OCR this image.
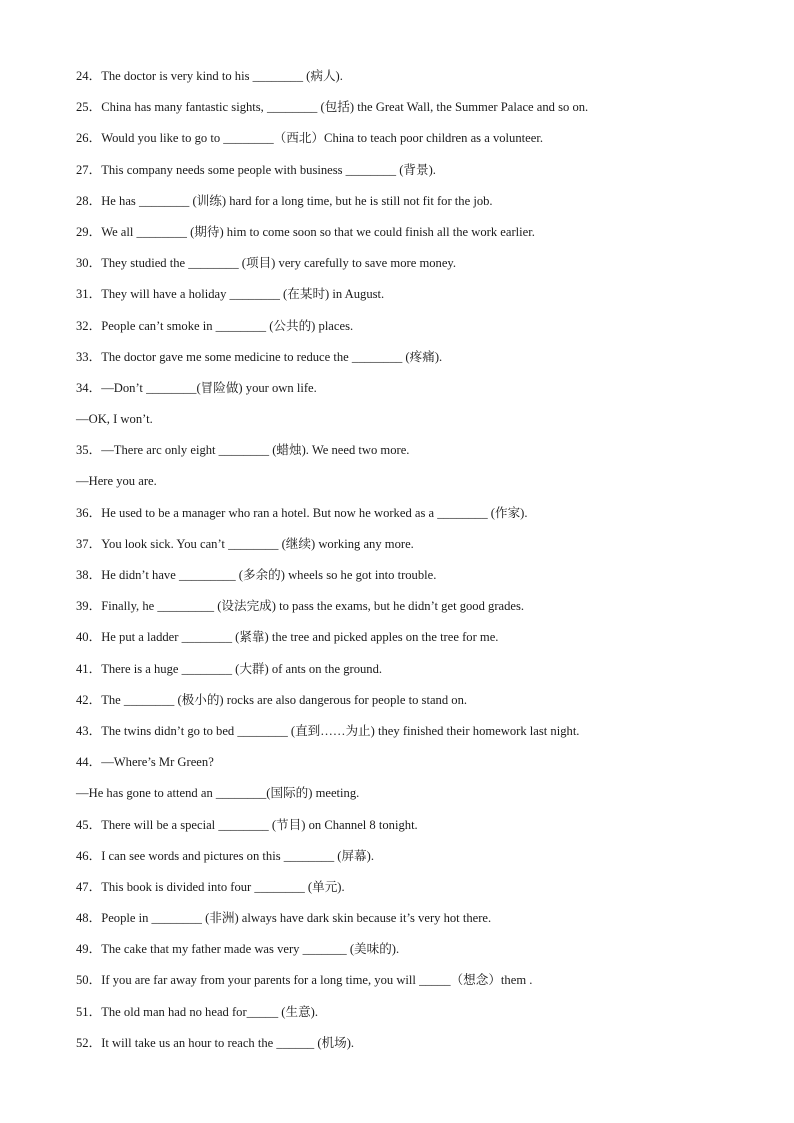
24．The doctor is very kind to his ________ (病人).
25．China has many fantastic sights, ________ (包括) the Great Wall, the Summer Palace and so on.
26．Would you like to go to ________（西北）China to teach poor children as a volunteer.
27．This company needs some people with business ________ (背景).
28．He has ________ (训练) hard for a long time, but he is still not fit for the job.
29．We all ________ (期待) him to come soon so that we could finish all the work earlier.
30．They studied the ________ (项目) very carefully to save more money.
31．They will have a holiday ________ (在某时) in August.
32．People can’t smoke in ________ (公共的) places.
33．The doctor gave me some medicine to reduce the ________ (疼痛).
34．—Don’t ________(冒险做) your own life.
—OK, I won’t.
35．—There arc only eight ________ (蜡烛). We need two more.
—Here you are.
36．He used to be a manager who ran a hotel. But now he worked as a ________ (作家).
37．You look sick. You can’t ________ (继续) working any more.
38．He didn’t have _________ (多余的) wheels so he got into trouble.
39．Finally, he _________ (设法完成) to pass the exams, but he didn’t get good grades.
40．He put a ladder ________ (紧靠) the tree and picked apples on the tree for me.
41．There is a huge ________ (大群) of ants on the ground.
42．The ________ (极小的) rocks are also dangerous for people to stand on.
43．The twins didn’t go to bed ________ (直到……为止) they finished their homework last night.
44．—Where’s Mr Green?
—He has gone to attend an ________(国际的) meeting.
45．There will be a special ________ (节目) on Channel 8 tonight.
46．I can see words and pictures on this ________ (屏幕).
47．This book is divided into four ________ (单元).
48．People in ________ (非洲) always have dark skin because it’s very hot there.
49．The cake that my father made was very _______ (美味的).
50．If you are far away from your parents for a long time, you will _____（想念）them .
51．The old man had no head for_____ (生意).
52．It will take us an hour to reach the ______ (机场).
